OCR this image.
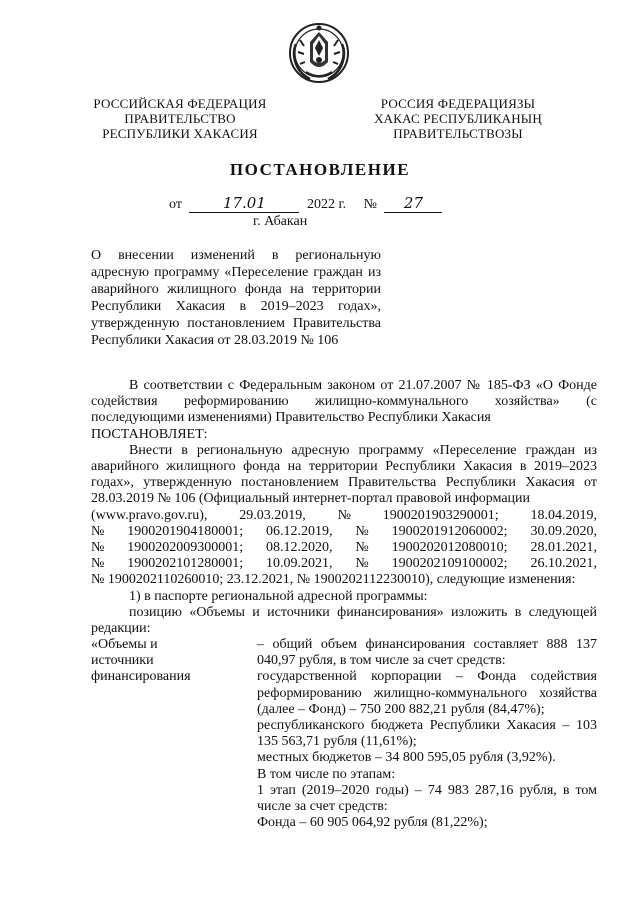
РОССИЙСКАЯ ФЕДЕРАЦИЯ
ПРАВИТЕЛЬСТВО
РЕСПУБЛИКИ ХАКАСИЯ
РОССИЯ ФЕДЕРАЦИЯЗЫ
ХАКАС РЕСПУБЛИКАНЫҢ
ПРАВИТЕЛЬСТВОЗЫ
ПОСТАНОВЛЕНИЕ
от	17.01	2022 г. № 27
г. Абакан
О внесении изменений в региональную адресную программу «Переселение граждан из аварийного жилищного фонда на территории Республики Хакасия в 2019–2023 годах», утвержденную постановлением Правительства Республики Хакасия от 28.03.2019 № 106

В соответствии с Федеральным законом от 21.07.2007 № 185-ФЗ «О Фонде содействия реформированию жилищно-коммунального хозяйства» (с последующими изменениями) Правительство Республики Хакасия

ПОСТАНОВЛЯЕТ:

Внести в региональную адресную программу «Переселение граждан из аварийного жилищного фонда на территории Республики Хакасия в 2019–2023 годах», утвержденную постановлением Правительства Республики Хакасия от 28.03.2019 № 106 (Официальный интернет-портал правовой информации

(www.pravo.gov.ru), 29.03.2019, № 1900201903290001; 18.04.2019,
№ 1900201904180001; 06.12.2019, № 1900201912060002; 30.09.2020,
№ 1900202009300001; 08.12.2020, № 1900202012080010; 28.01.2021,
№ 1900202101280001; 10.09.2021, № 1900202109100002; 26.10.2021,

№ 1900202110260010; 23.12.2021, № 1900202112230010), следующие изменения:

1) в паспорте региональной адресной программы:

позицию «Объемы и источники финансирования» изложить в следующей редакции:

«Объемы и
источники
финансирования

– общий объем финансирования составляет 888 137 040,97 рубля, в том числе за счет средств:

государственной корпорации – Фонда содействия реформированию жилищно-коммунального хозяйства (далее – Фонд) – 750 200 882,21 рубля (84,47%);

республиканского бюджета Республики Хакасия – 103 135 563,71 рубля (11,61%);

местных бюджетов – 34 800 595,05 рубля (3,92%).

В том числе по этапам:

1 этап (2019–2020 годы) – 74 983 287,16 рубля, в том числе за счет средств:

Фонда – 60 905 064,92 рубля (81,22%);
